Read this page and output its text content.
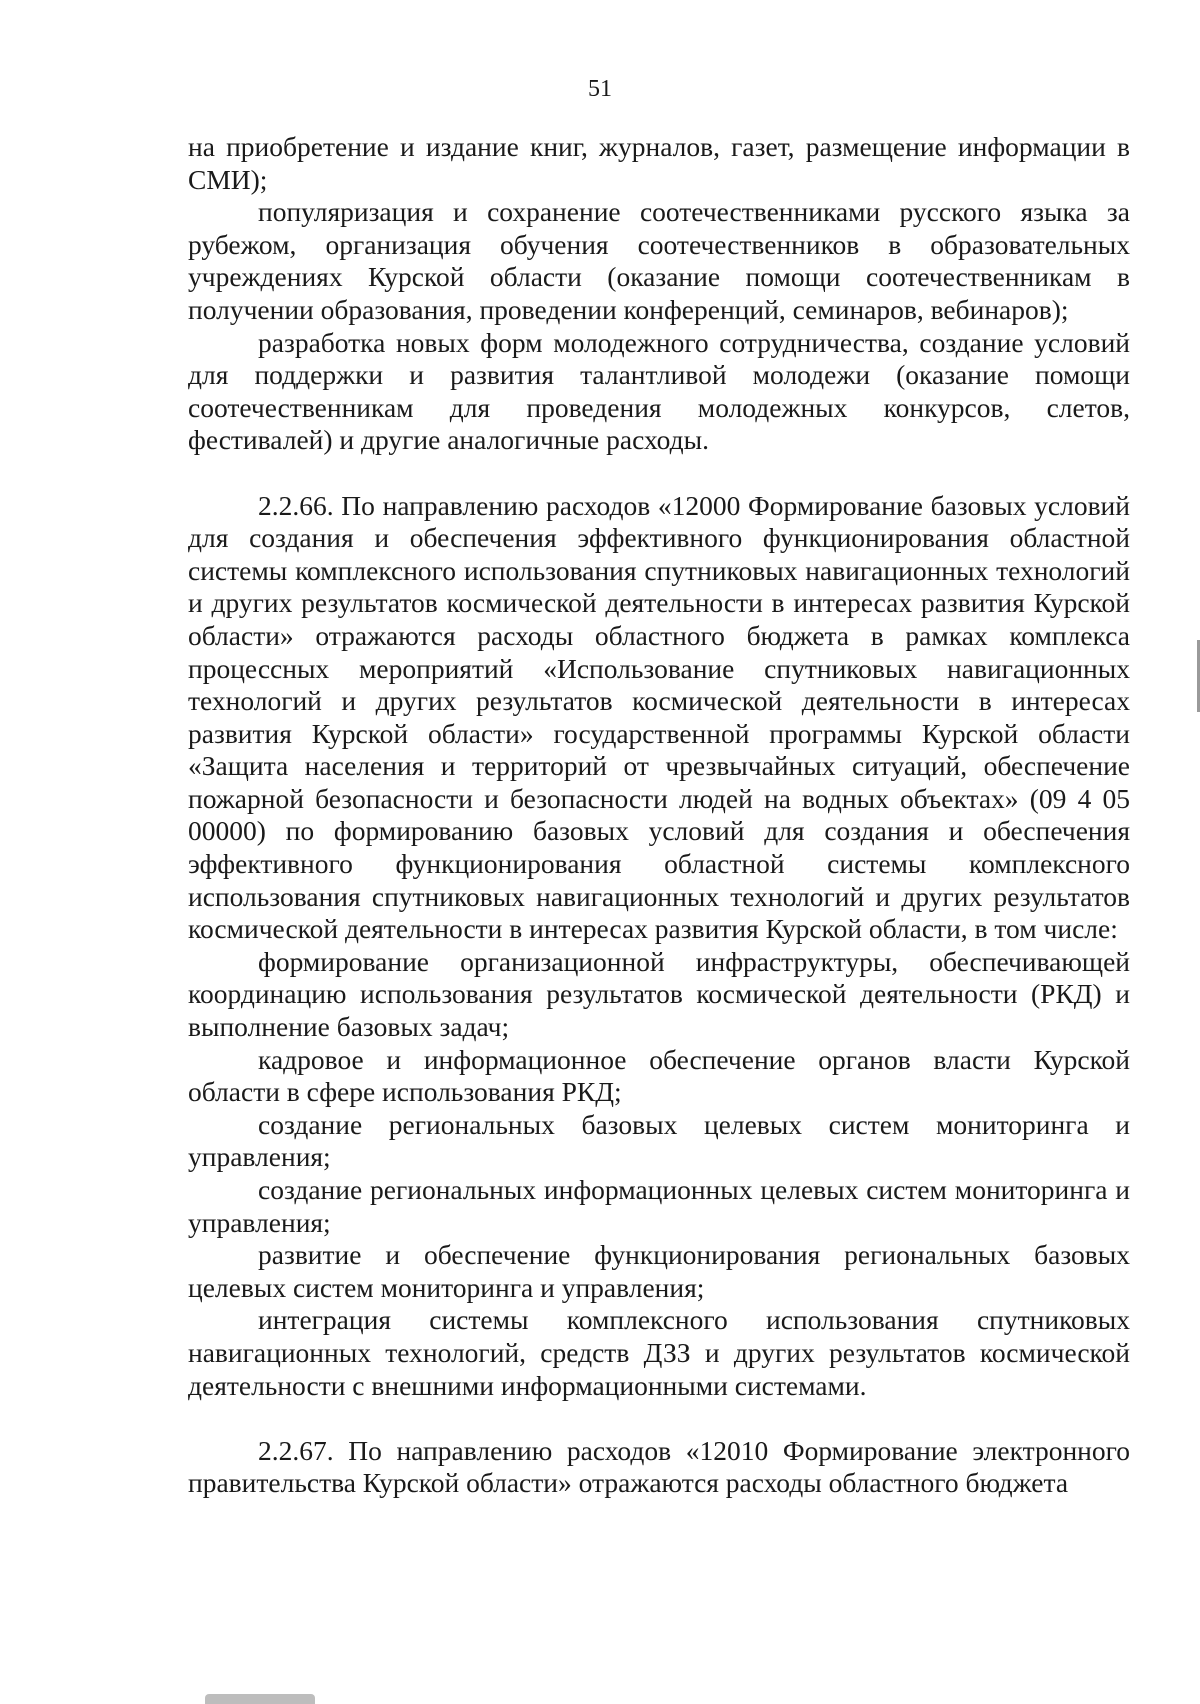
51

на приобретение и издание книг, журналов, газет, размещение информации в СМИ);

популяризация и сохранение соотечественниками русского языка за рубежом, организация обучения соотечественников в образовательных учреждениях Курской области (оказание помощи соотечественникам в получении образования, проведении конференций, семинаров, вебинаров);

разработка новых форм молодежного сотрудничества, создание условий для поддержки и развития талантливой молодежи (оказание помощи соотечественникам для проведения молодежных конкурсов, слетов, фестивалей) и другие аналогичные расходы.

2.2.66. По направлению расходов «12000 Формирование базовых условий для создания и обеспечения эффективного функционирования областной системы комплексного использования спутниковых навигационных технологий и других результатов космической деятельности в интересах развития Курской области» отражаются расходы областного бюджета в рамках комплекса процессных мероприятий «Использование спутниковых навигационных технологий и других результатов космической деятельности в интересах развития Курской области» государственной программы Курской области «Защита населения и территорий от чрезвычайных ситуаций, обеспечение пожарной безопасности и безопасности людей на водных объектах» (09 4 05 00000) по формированию базовых условий для создания и обеспечения эффективного функционирования областной системы комплексного использования спутниковых навигационных технологий и других результатов космической деятельности в интересах развития Курской области, в том числе:

формирование организационной инфраструктуры, обеспечивающей координацию использования результатов космической деятельности (РКД) и выполнение базовых задач;

кадровое и информационное обеспечение органов власти Курской области в сфере использования РКД;

создание региональных базовых целевых систем мониторинга и управления;

создание региональных информационных целевых систем мониторинга и управления;

развитие и обеспечение функционирования региональных базовых целевых систем мониторинга и управления;

интеграция системы комплексного использования спутниковых навигационных технологий, средств ДЗЗ и других результатов космической деятельности с внешними информационными системами.

2.2.67. По направлению расходов «12010 Формирование электронного правительства Курской области» отражаются расходы областного бюджета
